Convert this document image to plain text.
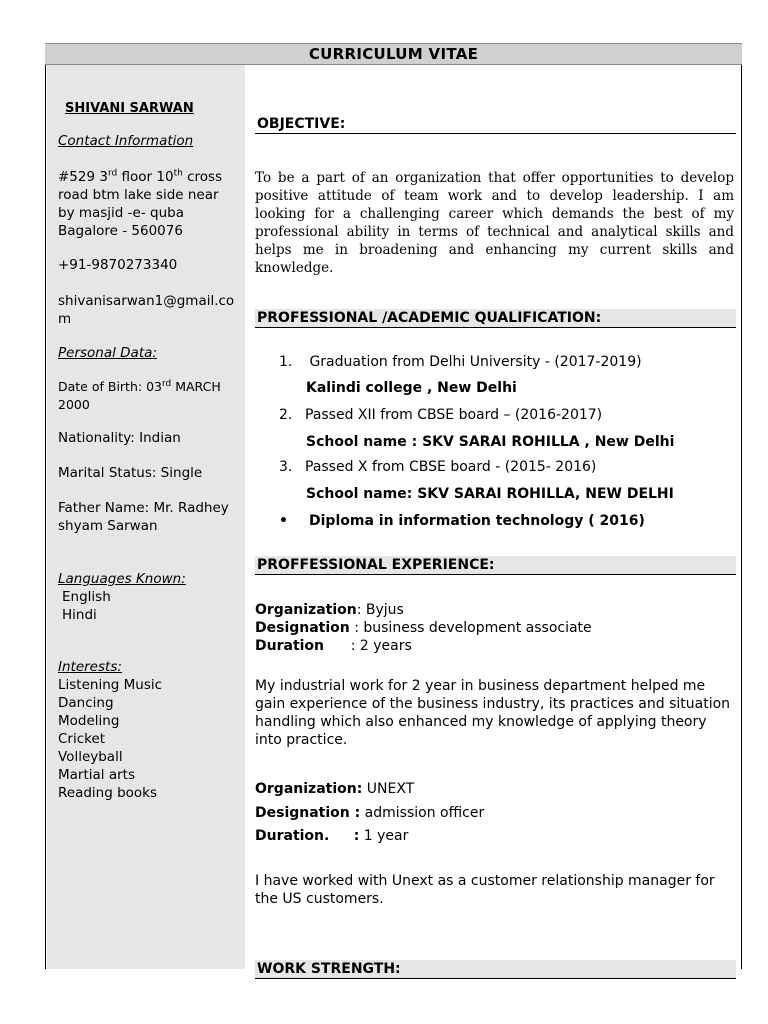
CURRICULUM VITAE
SHIVANI SARWAN
Contact Information
#529 3rd floor 10th cross
road btm lake side near
by masjid -e- quba
Bagalore - 560076
+91-9870273340
shivanisarwan1@gmail.co
m
Personal Data:
Date of Birth: 03rd MARCH
2000
Nationality: Indian
Marital Status: Single
Father Name: Mr. Radhey
shyam Sarwan
Languages Known:
English
Hindi
Interests:
Listening Music
Dancing
Modeling
Cricket
Volleyball
Martial arts
Reading books
OBJECTIVE:
To be a part of an organization that offer opportunities to develop positive attitude of team work and to develop leadership. I am looking for a challenging career which demands the best of my professional ability in terms of technical and analytical skills and helps me in broadening and enhancing my current skills and knowledge.
PROFESSIONAL /ACADEMIC QUALIFICATION:
1. Graduation from Delhi University - (2017-2019)
Kalindi college , New Delhi
2. Passed XII from CBSE board – (2016-2017)
School name : SKV SARAI ROHILLA , New Delhi
3. Passed X from CBSE board - (2015- 2016)
School name: SKV SARAI ROHILLA, NEW DELHI
• Diploma in information technology ( 2016)
PROFFESSIONAL EXPERIENCE:
Organization: Byjus
Designation : business development associate
Duration      : 2 years
My industrial work for 2 year in business department helped me gain experience of the business industry, its practices and situation handling which also enhanced my knowledge of applying theory into practice.
Organization: UNEXT
Designation : admission officer
Duration.     : 1 year
I have worked with Unext as a customer relationship manager for the US customers.
WORK STRENGTH:
